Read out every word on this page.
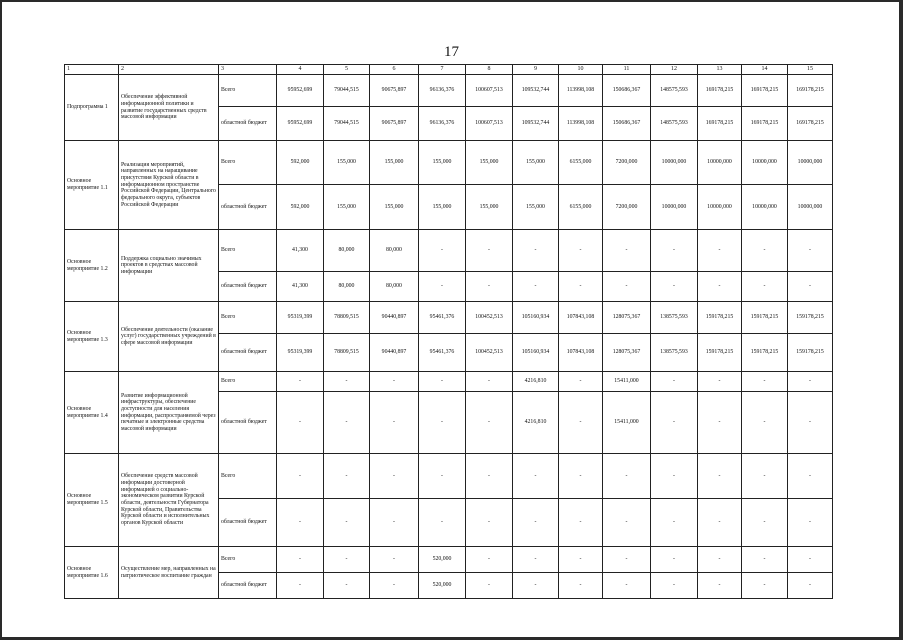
17
1	2	3	4	5	6	7	8	9	10	11	12	13	14	15
Подпрограмма 1	Обеспечение эффективной информационной политики и развитие государственных средств массовой информации	Всего	95952,699	79044,515	90675,897	96136,376	100607,513	109532,744	113998,108	150686,367	148575,593	169178,215	169178,215	169178,215
		областной бюджет	95952,699	79044,515	90675,897	96136,376	100607,513	109532,744	113998,108	150686,367	148575,593	169178,215	169178,215	169178,215
Основное мероприятие 1.1	Реализация мероприятий, направленных на наращивание присутствия Курской области в информационном пространстве Российской Федерации, Центрального федерального округа, субъектов Российской Федерации	Всего	592,000	155,000	155,000	155,000	155,000	155,000	6155,000	7200,000	10000,000	10000,000	10000,000	10000,000
		областной бюджет	592,000	155,000	155,000	155,000	155,000	155,000	6155,000	7200,000	10000,000	10000,000	10000,000	10000,000
Основное мероприятие 1.2	Поддержка социально значимых проектов в средствах массовой информации	Всего	41,300	80,000	80,000	-	-	-	-	-	-	-	-	-
		областной бюджет	41,300	80,000	80,000	-	-	-	-	-	-	-	-	-
Основное мероприятие 1.3	Обеспечение деятельности (оказание услуг) государственных учреждений в сфере массовой информации	Всего	95319,399	78809,515	90440,897	95461,376	100452,513	105160,934	107843,108	128075,367	138575,593	159178,215	159178,215	159178,215
		областной бюджет	95319,399	78809,515	90440,897	95461,376	100452,513	105160,934	107843,108	128075,367	138575,593	159178,215	159178,215	159178,215
Основное мероприятие 1.4	Развитие информационной инфраструктуры, обеспечение доступности для населения информации, распространяемой через печатные и электронные средства массовой информации	Всего	-	-	-	-	-	4216,810	-	15411,000	-	-	-	-
		областной бюджет	-	-	-	-	-	4216,810	-	15411,000	-	-	-	-
Основное мероприятие 1.5	Обеспечение средств массовой информации достоверной информацией о социально-экономическом развитии Курской области, деятельности Губернатора Курской области, Правительства Курской области и исполнительных органов Курской области	Всего	-	-	-	-	-	-	-	-	-	-	-	-
		областной бюджет	-	-	-	-	-	-	-	-	-	-	-	-
Основное мероприятие 1.6	Осуществление мер, направленных на патриотическое воспитание граждан	Всего	-	-	-	520,000	-	-	-	-	-	-	-	-
		областной бюджет	-	-	-	520,000	-	-	-	-	-	-	-	-
